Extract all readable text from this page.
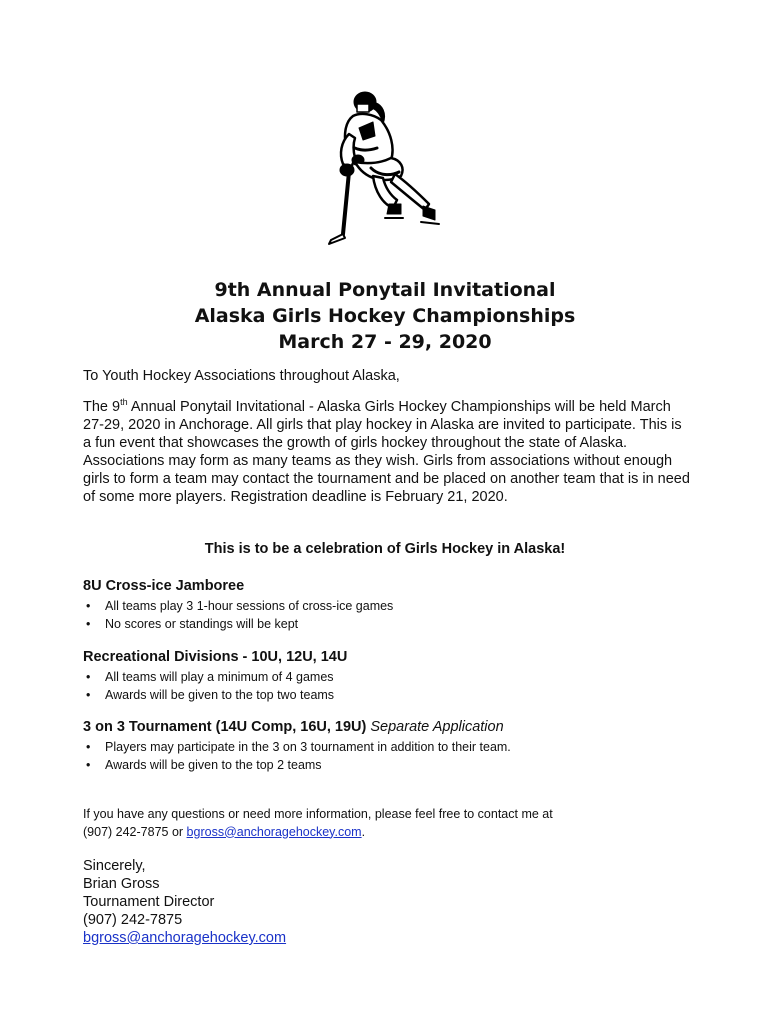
9th Annual Ponytail Invitational
Alaska Girls Hockey Championships
March 27 - 29, 2020
To Youth Hockey Associations throughout Alaska,
The 9th Annual Ponytail Invitational - Alaska Girls Hockey Championships will be held March 27-29, 2020 in Anchorage. All girls that play hockey in Alaska are invited to participate. This is a fun event that showcases the growth of girls hockey throughout the state of Alaska. Associations may form as many teams as they wish. Girls from associations without enough girls to form a team may contact the tournament and be placed on another team that is in need of some more players. Registration deadline is February 21, 2020.
This is to be a celebration of Girls Hockey in Alaska!
8U Cross-ice Jamboree
• All teams play 3 1-hour sessions of cross-ice games
• No scores or standings will be kept
Recreational Divisions - 10U, 12U, 14U
• All teams will play a minimum of 4 games
• Awards will be given to the top two teams
3 on 3 Tournament (14U Comp, 16U, 19U) Separate Application
• Players may participate in the 3 on 3 tournament in addition to their team.
• Awards will be given to the top 2 teams
If you have any questions or need more information, please feel free to contact me at
(907) 242-7875 or bgross@anchoragehockey.com.
Sincerely,
Brian Gross
Tournament Director
(907) 242-7875
bgross@anchoragehockey.com
